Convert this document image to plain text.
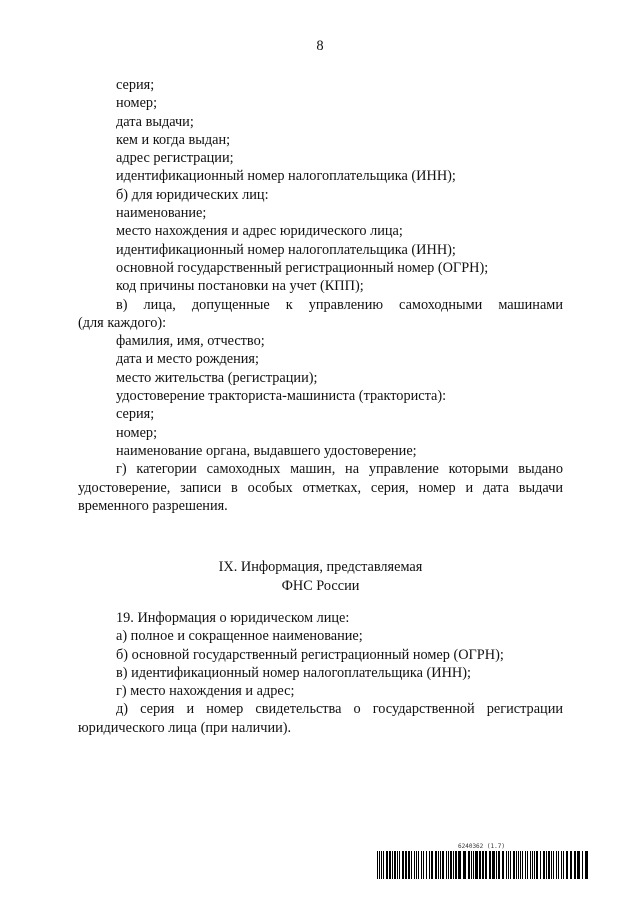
8
серия;
номер;
дата выдачи;
кем и когда выдан;
адрес регистрации;
идентификационный номер налогоплательщика (ИНН);
б) для юридических лиц:
наименование;
место нахождения и адрес юридического лица;
идентификационный номер налогоплательщика (ИНН);
основной государственный регистрационный номер (ОГРН);
код причины постановки на учет (КПП);
в) лица, допущенные к управлению самоходными машинами
(для каждого):
фамилия, имя, отчество;
дата и место рождения;
место жительства (регистрации);
удостоверение тракториста-машиниста (тракториста):
серия;
номер;
наименование органа, выдавшего удостоверение;
г) категории самоходных машин, на управление которыми выдано
удостоверение, записи в особых отметках, серия, номер и дата выдачи
временного разрешения.
IX. Информация, представляемая
ФНС России
19. Информация о юридическом лице:
а) полное и сокращенное наименование;
б) основной государственный регистрационный номер (ОГРН);
в) идентификационный номер налогоплательщика (ИНН);
г) место нахождения и адрес;
д) серия и номер свидетельства о государственной регистрации
юридического лица (при наличии).
6240362 (1.7)
